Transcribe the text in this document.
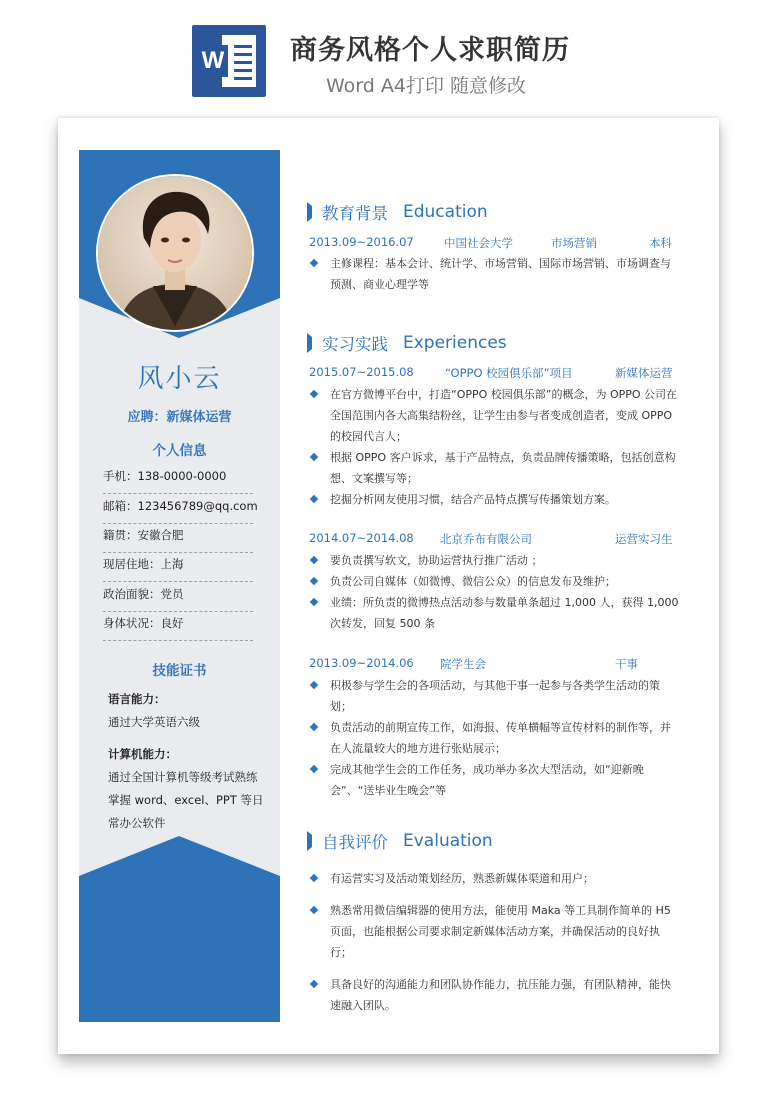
W 商务风格个人求职简历
Word A4打印 随意修改
风小云
应聘：新媒体运营
个人信息
手机：138-0000-0000
邮箱：123456789@qq.com
籍贯：安徽合肥
现居住地：上海
政治面貌：党员
身体状况：良好
技能证书
语言能力：
通过大学英语六级
计算机能力：
通过全国计算机等级考试熟练
掌握 word、excel、PPT 等日
常办公软件
教育背景 Education
2013.09~2016.07	中国社会大学	市场营销	本科
主修课程：基本会计、统计学、市场营销、国际市场营销、市场调查与预测、商业心理学等
实习实践 Experiences
2015.07~2015.08	“OPPO 校园俱乐部”项目	新媒体运营
在官方微博平台中，打造“OPPO 校园俱乐部”的概念，为 OPPO 公司在全国范围内各大高集结粉丝，让学生由参与者变成创造者，变成 OPPO 的校园代言人；
根据 OPPO 客户诉求，基于产品特点，负责品牌传播策略，包括创意构想、文案撰写等；
挖掘分析网友使用习惯，结合产品特点撰写传播策划方案。
2014.07~2014.08 北京乔布有限公司	运营实习生
要负责撰写软文，协助运营执行推广活动 ；
负责公司自媒体（如微博、微信公众）的信息发布及维护；
业绩：所负责的微博热点活动参与数量单条超过 1,000 人，获得 1,000 次转发，回复 500 条
2013.09~2014.06 院学生会	干事
积极参与学生会的各项活动，与其他干事一起参与各类学生活动的策划；
负责活动的前期宣传工作，如海报、传单横幅等宣传材料的制作等，并在人流量较大的地方进行张贴展示；
完成其他学生会的工作任务，成功举办多次大型活动，如“迎新晚会”、“送毕业生晚会”等
自我评价 Evaluation
有运营实习及活动策划经历，熟悉新媒体渠道和用户；
熟悉常用微信编辑器的使用方法，能使用 Maka 等工具制作简单的 H5 页面，也能根据公司要求制定新媒体活动方案，并确保活动的良好执行；
具备良好的沟通能力和团队协作能力，抗压能力强，有团队精神，能快速融入团队。
